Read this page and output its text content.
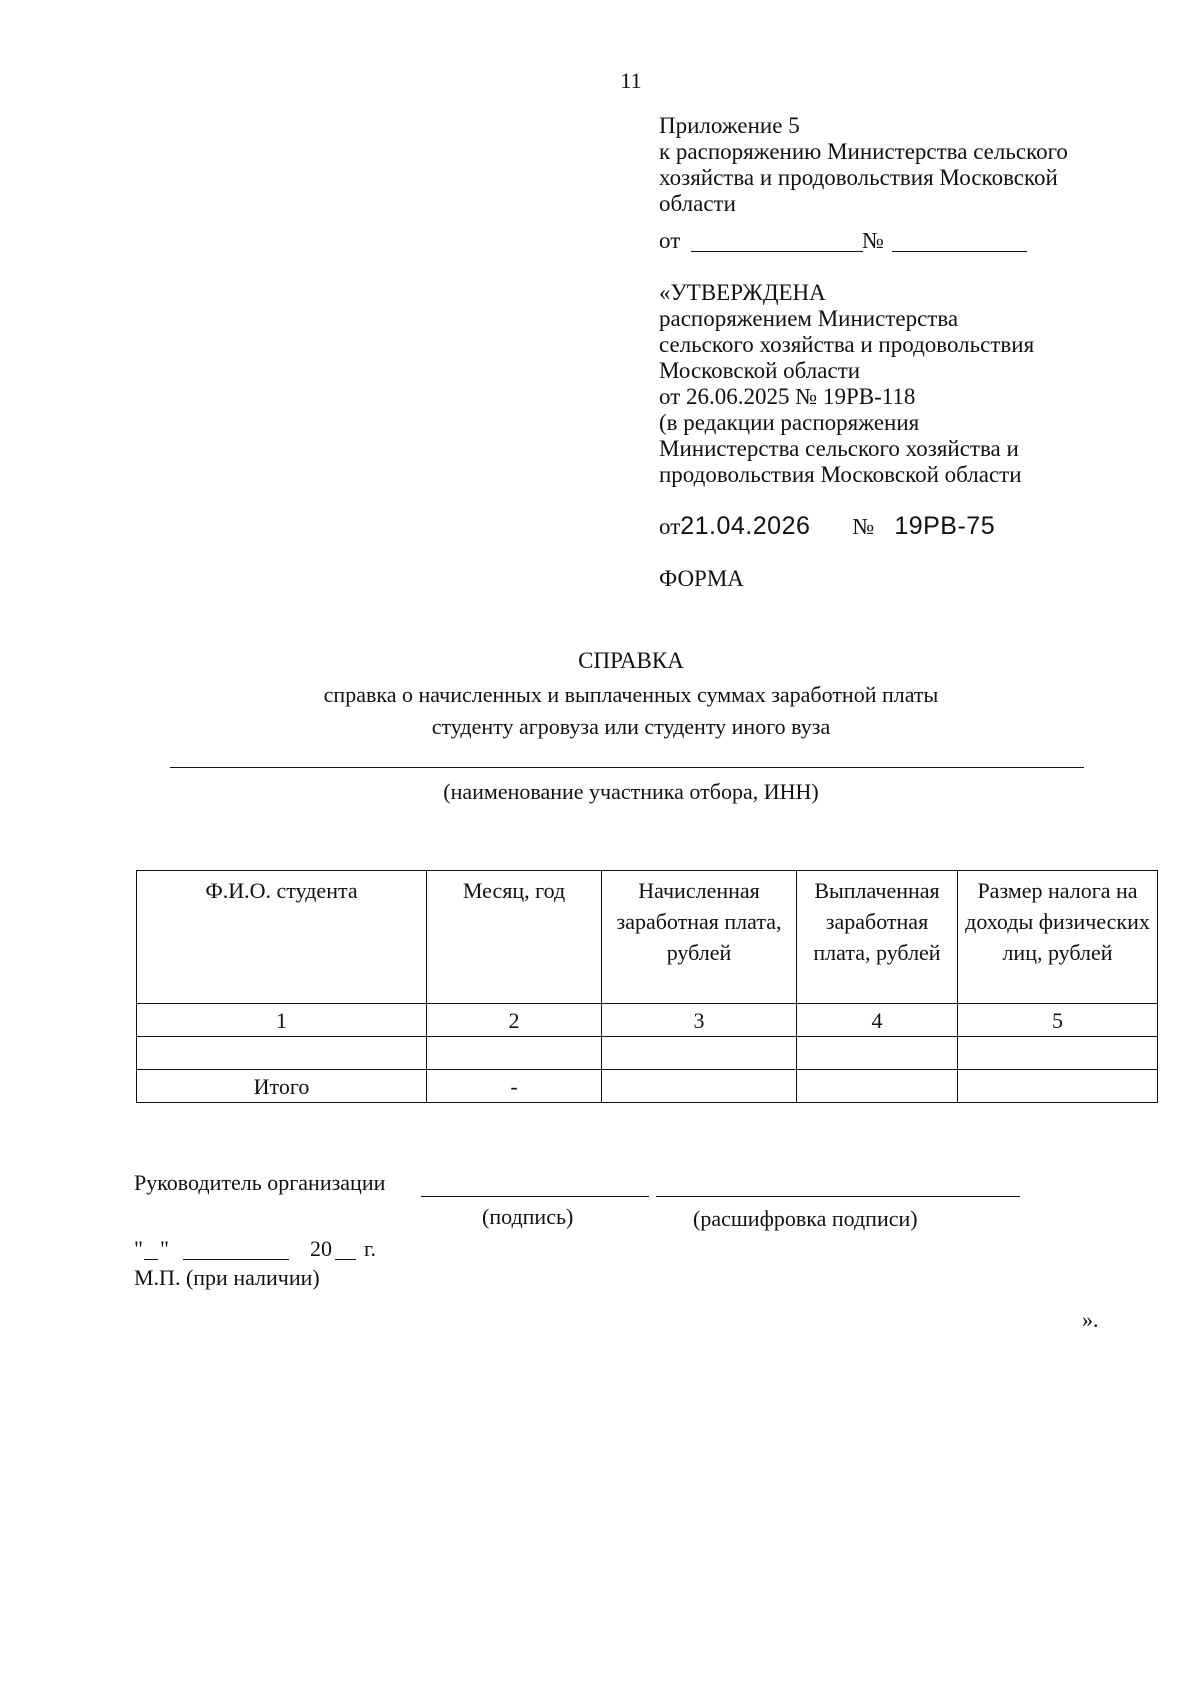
11
Приложение 5
к распоряжению Министерства сельского
хозяйства и продовольствия Московской
области
от	№
«УТВЕРЖДЕНА
распоряжением Министерства
сельского хозяйства и продовольствия
Московской области
от 26.06.2025 № 19РВ-118
(в редакции распоряжения
Министерства сельского хозяйства и
продовольствия Московской области
от21.04.2026 № 19РВ-75
ФОРМА
СПРАВКА
справка о начисленных и выплаченных суммах заработной платы
студенту агровуза или студенту иного вуза
(наименование участника отбора, ИНН)
Ф.И.О. студента	Месяц, год	Начисленная заработная плата, рублей	Выплаченная заработная плата, рублей	Размер налога на доходы физических лиц, рублей
1	2	3	4	5

Итого	-			
Руководитель организации
(подпись)	(расшифровка подписи)
" "	20 г.
М.П. (при наличии)
».
